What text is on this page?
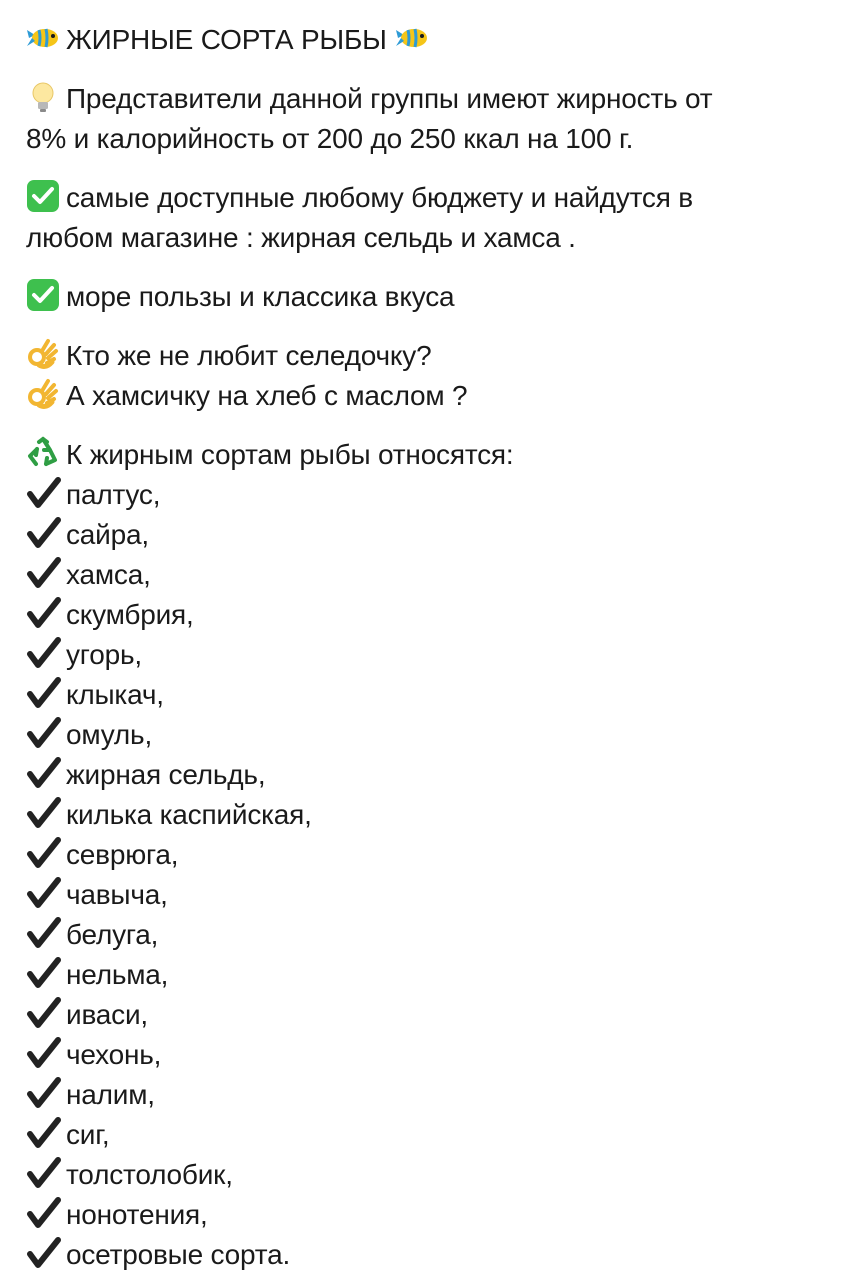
ЖИРНЫЕ СОРТА РЫБЫ
Представители данной группы имеют жирность от
8% и калорийность от 200 до 250 ккал на 100 г.
самые доступные любому бюджету и найдутся в
любом магазине : жирная сельдь и хамса .
море пользы и классика вкуса
Кто же не любит селедочку?
А хамсичку на хлеб с маслом ?
К жирным сортам рыбы относятся:
палтус,
сайра,
хамса,
скумбрия,
угорь,
клыкач,
омуль,
жирная сельдь,
килька каспийская,
севрюга,
чавыча,
белуга,
нельма,
иваси,
чехонь,
налим,
сиг,
толстолобик,
нонотения,
осетровые сорта.
